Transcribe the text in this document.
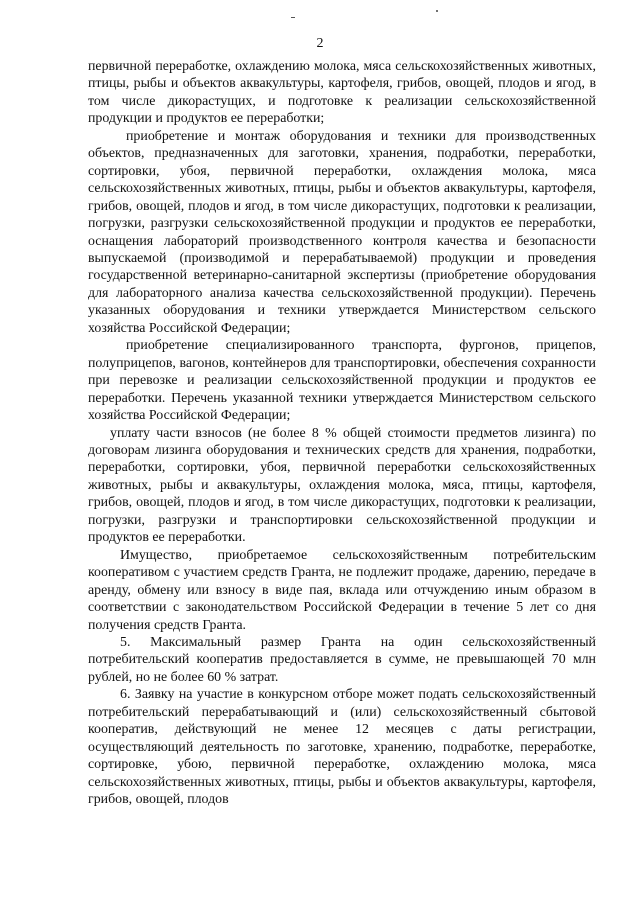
2

первичной переработке, охлаждению молока, мяса сельскохозяйственных животных, птицы, рыбы и объектов аквакультуры, картофеля, грибов, овощей, плодов и ягод, в том числе дикорастущих, и подготовке к реализации сельскохозяйственной продукции и продуктов ее переработки;

приобретение и монтаж оборудования и техники для производственных объектов, предназначенных для заготовки, хранения, подработки, переработки, сортировки, убоя, первичной переработки, охлаждения молока, мяса сельскохозяйственных животных, птицы, рыбы и объектов аквакультуры, картофеля, грибов, овощей, плодов и ягод, в том числе дикорастущих, подготовки к реализации, погрузки, разгрузки сельскохозяйственной продукции и продуктов ее переработки, оснащения лабораторий производственного контроля качества и безопасности выпускаемой (производимой и перерабатываемой) продукции и проведения государственной ветеринарно-санитарной экспертизы (приобретение оборудования для лабораторного анализа качества сельскохозяйственной продукции). Перечень указанных оборудования и техники утверждается Министерством сельского хозяйства Российской Федерации;

приобретение специализированного транспорта, фургонов, прицепов, полуприцепов, вагонов, контейнеров для транспортировки, обеспечения сохранности при перевозке и реализации сельскохозяйственной продукции и продуктов ее переработки. Перечень указанной техники утверждается Министерством сельского хозяйства Российской Федерации;

уплату части взносов (не более 8 % общей стоимости предметов лизинга) по договорам лизинга оборудования и технических средств для хранения, подработки, переработки, сортировки, убоя, первичной переработки сельскохозяйственных животных, рыбы и аквакультуры, охлаждения молока, мяса, птицы, картофеля, грибов, овощей, плодов и ягод, в том числе дикорастущих, подготовки к реализации, погрузки, разгрузки и транспортировки сельскохозяйственной продукции и продуктов ее переработки.

Имущество, приобретаемое сельскохозяйственным потребительским кооперативом с участием средств Гранта, не подлежит продаже, дарению, передаче в аренду, обмену или взносу в виде пая, вклада или отчуждению иным образом в соответствии с законодательством Российской Федерации в течение 5 лет со дня получения средств Гранта.

5. Максимальный размер Гранта на один сельскохозяйственный потребительский кооператив предоставляется в сумме, не превышающей 70 млн рублей, но не более 60 % затрат.

6. Заявку на участие в конкурсном отборе может подать сельскохозяйственный потребительский перерабатывающий и (или) сельскохозяйственный сбытовой кооператив, действующий не менее 12 месяцев с даты регистрации, осуществляющий деятельность по заготовке, хранению, подработке, переработке, сортировке, убою, первичной переработке, охлаждению молока, мяса сельскохозяйственных животных, птицы, рыбы и объектов аквакультуры, картофеля, грибов, овощей, плодов
